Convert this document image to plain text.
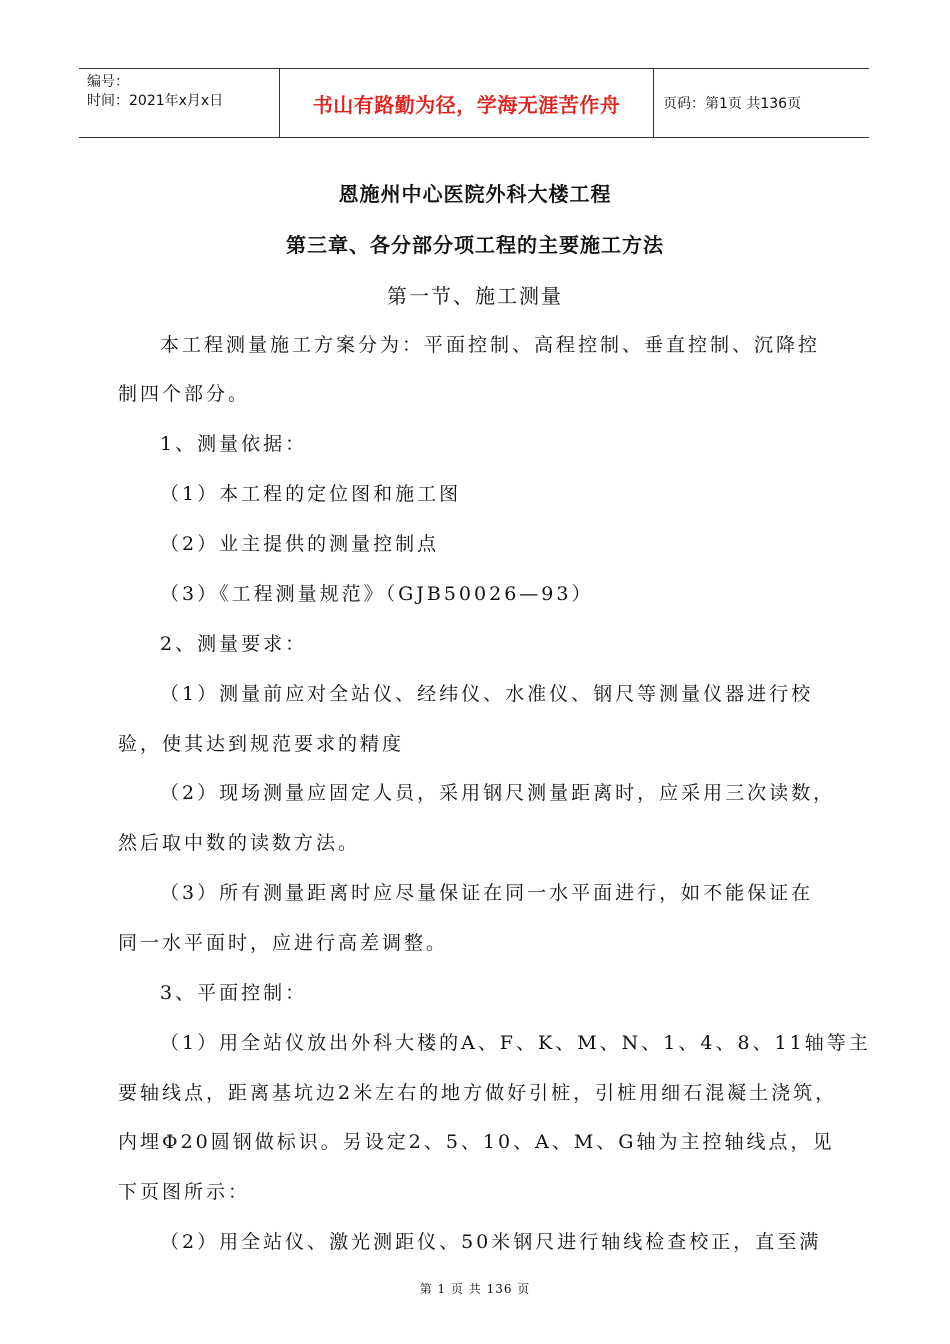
编号：
时间：2021年x月x日	书山有路勤为径，学海无涯苦作舟	页码：第1页 共136页
恩施州中心医院外科大楼工程
第三章、各分部分项工程的主要施工方法
第一节、施工测量
本工程测量施工方案分为：平面控制、高程控制、垂直控制、沉降控
制四个部分。
1、测量依据：
（1）本工程的定位图和施工图
（2）业主提供的测量控制点
（3）《工程测量规范》（GJB50026—93）
2、测量要求：
（1）测量前应对全站仪、经纬仪、水准仪、钢尺等测量仪器进行校
验，使其达到规范要求的精度
（2）现场测量应固定人员，采用钢尺测量距离时，应采用三次读数，
然后取中数的读数方法。
（3）所有测量距离时应尽量保证在同一水平面进行，如不能保证在
同一水平面时，应进行高差调整。
3、平面控制：
（1）用全站仪放出外科大楼的A、F、K、M、N、1、4、8、11轴等主
要轴线点，距离基坑边2米左右的地方做好引桩，引桩用细石混凝土浇筑，
内埋Φ20圆钢做标识。另设定2、5、10、A、M、G轴为主控轴线点，见
下页图所示：
（2）用全站仪、激光测距仪、50米钢尺进行轴线检查校正，直至满
第 1 页 共 136 页
